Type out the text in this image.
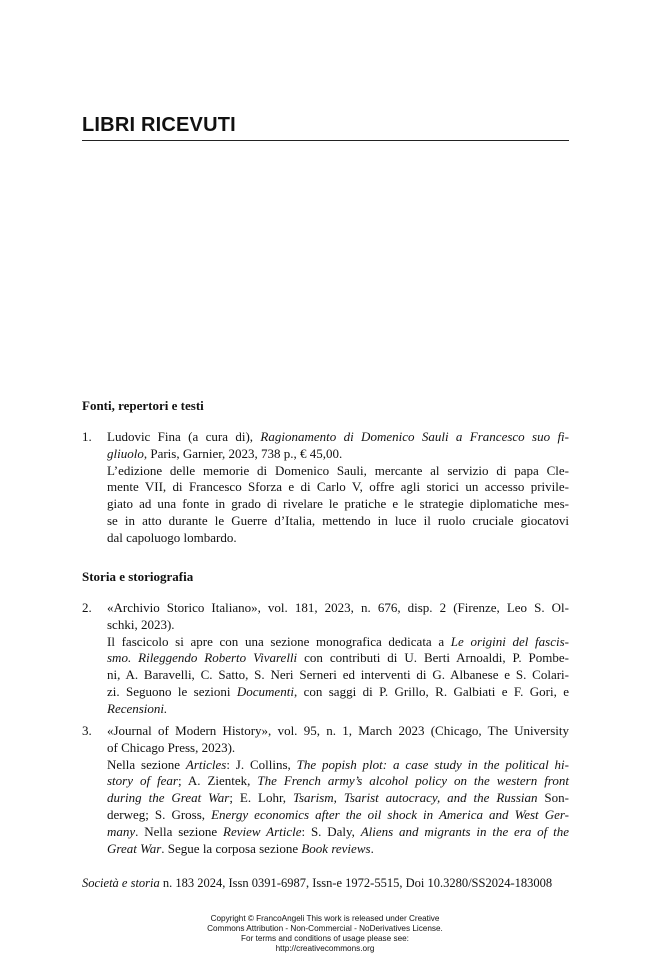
LIBRI RICEVUTI
Fonti, repertori e testi
1. Ludovic Fina (a cura di), Ragionamento di Domenico Sauli a Francesco suo fi-
gliuolo, Paris, Garnier, 2023, 738 p., € 45,00.
L’edizione delle memorie di Domenico Sauli, mercante al servizio di papa Cle-
mente VII, di Francesco Sforza e di Carlo V, offre agli storici un accesso privile-
giato ad una fonte in grado di rivelare le pratiche e le strategie diplomatiche mes-
se in atto durante le Guerre d’Italia, mettendo in luce il ruolo cruciale giocatovi
dal capoluogo lombardo.
Storia e storiografia
2. «Archivio Storico Italiano», vol. 181, 2023, n. 676, disp. 2 (Firenze, Leo S. Ol-
schki, 2023).
Il fascicolo si apre con una sezione monografica dedicata a Le origini del fascis-
smo. Rileggendo Roberto Vivarelli con contributi di U. Berti Arnoaldi, P. Pombe-
ni, A. Baravelli, C. Satto, S. Neri Serneri ed interventi di G. Albanese e S. Colari-
zi. Seguono le sezioni Documenti, con saggi di P. Grillo, R. Galbiati e F. Gori, e
Recensioni.
3. «Journal of Modern History», vol. 95, n. 1, March 2023 (Chicago, The University
of Chicago Press, 2023).
Nella sezione Articles: J. Collins, The popish plot: a case study in the political hi-
story of fear; A. Zientek, The French army’s alcohol policy on the western front
during the Great War; E. Lohr, Tsarism, Tsarist autocracy, and the Russian Son-
derweg; S. Gross, Energy economics after the oil shock in America and West Ger-
many. Nella sezione Review Article: S. Daly, Aliens and migrants in the era of the
Great War. Segue la corposa sezione Book reviews.
Società e storia n. 183 2024, Issn 0391-6987, Issn-e 1972-5515, Doi 10.3280/SS2024-183008
Copyright © FrancoAngeli This work is released under Creative
Commons Attribution - Non-Commercial - NoDerivatives License.
For terms and conditions of usage please see:
http://creativecommons.org
